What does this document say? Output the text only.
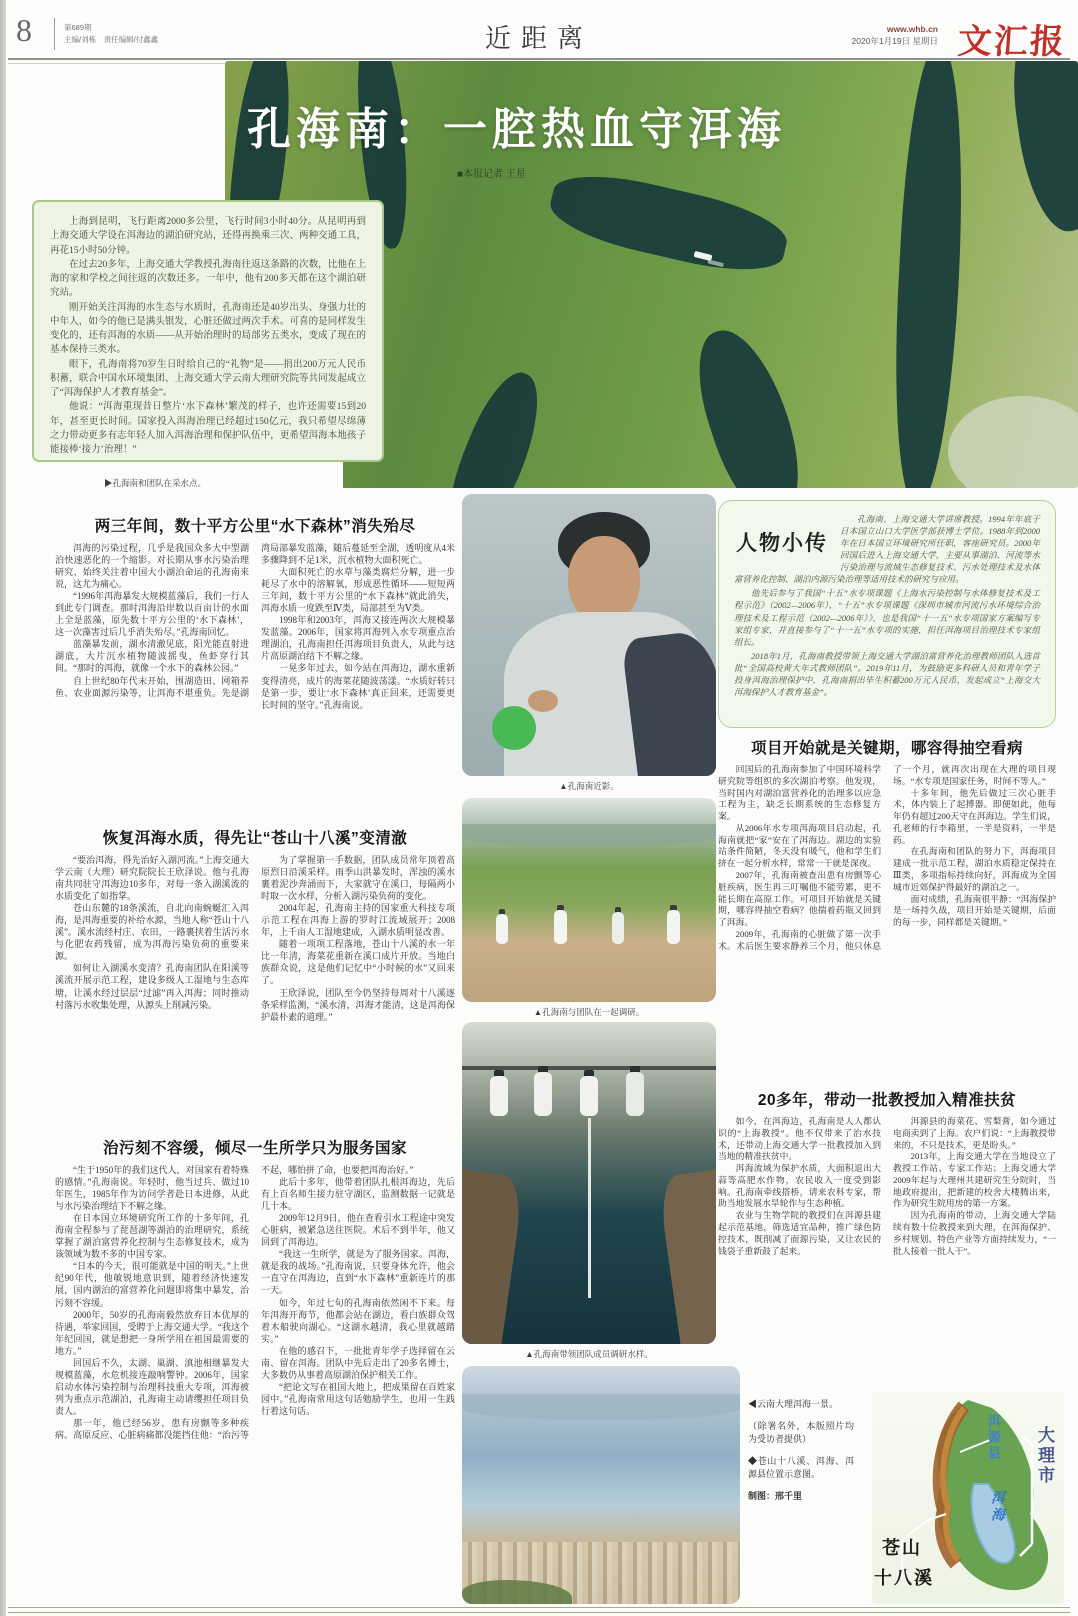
8	第689期
主编/刘栋　责任编辑/付鑫鑫	近距离	www.whb.cn
2020年1月19日 星期日 文汇报
孔海南：一腔热血守洱海
■本报记者 王星

上海到昆明，飞行距离2000多公里，飞行时间3小时40分。从昆明再到上海交通大学设在洱海边的湖泊研究站，还得再换乘三次、两种交通工具，再花15小时50分钟。

在过去20多年，上海交通大学教授孔海南往返这条路的次数，比他在上海的家和学校之间往返的次数还多。一年中，他有200多天都在这个湖泊研究站。

刚开始关注洱海的水生态与水质时，孔海南还是40岁出头、身强力壮的中年人，如今的他已是满头银发，心脏还做过两次手术。可喜的是同样发生变化的，还有洱海的水质——从开始治理时的局部劣五类水，变成了现在的基本保持三类水。

眼下，孔海南将70岁生日时给自己的“礼物”是——捐出200万元人民币积蓄，联合中国水环境集团、上海交通大学云南大理研究院等共同发起成立了“洱海保护人才教育基金”。

他说：“洱海重现昔日整片‘水下森林’繁茂的样子，也许还需要15到20年，甚至更长时间。国家投入洱海治理已经超过150亿元，我只希望尽绵薄之力带动更多有志年轻人加入洱海治理和保护队伍中，更希望洱海本地孩子能接棒‘接力’治理！”

▶孔海南和团队在采水点。
两三年间，数十平方公里“水下森林”消失殆尽

洱海的污染过程，几乎是我国众多大中型湖泊快速恶化的一个缩影。对长期从事水污染治理研究、始终关注着中国大小湖泊命运的孔海南来说，这尤为痛心。

“1996年洱海暴发大规模蓝藻后，我们一行人到此专门调查。那时洱海沿岸数以百亩计的水面上全是蓝藻，原先数十平方公里的‘水下森林’，这一次藻害过后几乎消失殆尽。”孔海南回忆。

蓝藻暴发前，湖水清澈见底，阳光能直射进湖底，大片沉水植物随波摇曳，鱼虾穿行其间。“那时的洱海，就像一个水下的森林公园。”

自上世纪80年代末开始，围湖造田、网箱养鱼、农业面源污染等，让洱海不堪重负。先是湖湾局部暴发蓝藻，随后蔓延至全湖，透明度从4米多骤降到不足1米，沉水植物大面积死亡。

大面积死亡的水草与藻类腐烂分解，进一步耗尽了水中的溶解氧，形成恶性循环——短短两三年间，数十平方公里的“水下森林”就此消失，洱海水质一度跌至Ⅳ类，局部甚至为Ⅴ类。

1998年和2003年，洱海又接连两次大规模暴发蓝藻。2006年，国家将洱海列入水专项重点治理湖泊，孔海南担任洱海项目负责人，从此与这片高原湖泊结下不解之缘。

一晃多年过去，如今站在洱海边，湖水重新变得清亮，成片的海菜花随波荡漾。“水质好转只是第一步，要让‘水下森林’真正回来，还需要更长时间的坚守。”孔海南说。

恢复洱海水质，得先让“苍山十八溪”变清澈

“要治洱海，得先治好入湖河流。”上海交通大学云南（大理）研究院院长王欣泽说。他与孔海南共同驻守洱海边10多年，对每一条入湖溪流的水质变化了如指掌。

苍山东麓的18条溪流，自北向南蜿蜒汇入洱海，是洱海重要的补给水源，当地人称“苍山十八溪”。溪水流经村庄、农田，一路裹挟着生活污水与化肥农药残留，成为洱海污染负荷的重要来源。

如何让入湖溪水变清？孔海南团队在阳溪等溪流开展示范工程，建设多级人工湿地与生态库塘，让溪水经过层层“过滤”再入洱海；同时推动村落污水收集处理，从源头上削减污染。

为了掌握第一手数据，团队成员常年顶着高原烈日沿溪采样。雨季山洪暴发时，浑浊的溪水裹着泥沙奔涌而下，大家就守在溪口，每隔两小时取一次水样，分析入湖污染负荷的变化。

2004年起，孔海南主持的国家重大科技专项示范工程在洱海上游的罗时江流域展开；2008年，上千亩人工湿地建成，入湖水质明显改善。

随着一项项工程落地，苍山十八溪的水一年比一年清，海菜花重新在溪口成片开放。当地白族群众说，这是他们记忆中“小时候的水”又回来了。

王欣泽说，团队至今仍坚持每周对十八溪逐条采样监测，“溪水清，洱海才能清，这是洱海保护最朴素的道理。”

治污刻不容缓，倾尽一生所学只为服务国家

“生于1950年的我们这代人，对国家有着特殊的感情。”孔海南说。年轻时，他当过兵、做过10年医生，1985年作为访问学者赴日本进修，从此与水污染治理结下不解之缘。

在日本国立环境研究所工作的十多年间，孔海南全程参与了琵琶湖等湖泊的治理研究，系统掌握了湖泊富营养化控制与生态修复技术，成为该领域为数不多的中国专家。

“日本的今天，很可能就是中国的明天。”上世纪90年代，他敏锐地意识到，随着经济快速发展，国内湖泊的富营养化问题即将集中暴发，治污刻不容缓。

2000年，50岁的孔海南毅然放弃日本优厚的待遇，举家回国，受聘于上海交通大学。“我这个年纪回国，就是想把一身所学用在祖国最需要的地方。”

回国后不久，太湖、巢湖、滇池相继暴发大规模蓝藻，水危机接连敲响警钟。2006年，国家启动水体污染控制与治理科技重大专项，洱海被列为重点示范湖泊，孔海南主动请缨担任项目负责人。

那一年，他已经56岁，患有房颤等多种疾病。高原反应、心脏病痛都没能挡住他：“治污等不起，哪怕拼了命，也要把洱海治好。”

此后十多年，他带着团队扎根洱海边，先后有上百名师生接力驻守湖区，监测数据一记就是几十本。

2009年12月9日，他在查看引水工程途中突发心脏病，被紧急送往医院。术后不到半年，他又回到了洱海边。

“我这一生所学，就是为了服务国家。洱海，就是我的战场。”孔海南说，只要身体允许，他会一直守在洱海边，直到“水下森林”重新连片的那一天。

如今，年过七旬的孔海南依然闲不下来。每年洱海开海节，他都会站在湖边，看白族群众驾着木船驶向湖心。“这湖水越清，我心里就越踏实。”

在他的感召下，一批批青年学子选择留在云南、留在洱海。团队中先后走出了20多名博士，大多数仍从事着高原湖泊保护相关工作。

“把论文写在祖国大地上，把成果留在百姓家园中。”孔海南常用这句话勉励学生，也用一生践行着这句话。

▲孔海南近影。
▲孔海南与团队在一起调研。
▲孔海南带领团队成员调研水样。
人物小传

孔海南，上海交通大学讲席教授。1994年年底于日本国立山口大学医学部获博士学位。1988年到2000年在日本国立环境研究所任职，客座研究员。2000年回国后进入上海交通大学，主要从事湖泊、河流等水污染治理与流域生态修复技术、污水处理技术及水体富营养化控制、湖泊内源污染治理等适用技术的研究与应用。

他先后参与了我国“十五”水专项课题《上海水污染控制与水体修复技术及工程示范》（2002—2006年）、“十五”水专项课题《深圳市城市河流污水环境综合治理技术及工程示范（2002—2006年）》，也是我国“十一五”水专项国家方案编写专家组专家，并直接参与了“十一五”水专项的实施，担任洱海项目治理技术专家组组长。

2018年1月，孔海南教授带领上海交通大学湖泊富营养化治理教师团队入选首批“全国高校黄大年式教师团队”。2019年11月，为鼓励更多科研人员和青年学子投身洱海治理保护中，孔海南捐出毕生积蓄200万元人民币，发起成立“上海交大洱海保护人才教育基金”。

项目开始就是关键期，哪容得抽空看病

回国后的孔海南参加了中国环境科学研究院等组织的多次湖泊考察。他发现，当时国内对湖泊富营养化的治理多以应急工程为主，缺乏长期系统的生态修复方案。

从2006年水专项洱海项目启动起，孔海南就把“家”安在了洱海边。湖边的实验站条件简陋，冬天没有暖气，他和学生们挤在一起分析水样，常常一干就是深夜。

2007年，孔海南被查出患有房颤等心脏疾病，医生再三叮嘱他不能劳累，更不能长期在高原工作。可项目开始就是关键期，哪容得抽空看病？他揣着药瓶又回到了洱海。

2009年，孔海南的心脏做了第一次手术。术后医生要求静养三个月，他只休息了一个月，就再次出现在大理的项目现场。“水专项是国家任务，时间不等人。”

十多年间，他先后做过三次心脏手术，体内装上了起搏器。即便如此，他每年仍有超过200天守在洱海边。学生们说，孔老师的行李箱里，一半是资料，一半是药。

在孔海南和团队的努力下，洱海项目建成一批示范工程，湖泊水质稳定保持在Ⅲ类，多项指标持续向好，洱海成为全国城市近郊保护得最好的湖泊之一。

面对成绩，孔海南很平静：“洱海保护是一场持久战，项目开始是关键期，后面的每一步，同样都是关键期。”

20多年，带动一批教授加入精准扶贫

如今，在洱海边，孔海南是人人都认识的“上海教授”。他不仅带来了治水技术，还带动上海交通大学一批教授加入到当地的精准扶贫中。

洱海流域为保护水质，大面积退出大蒜等高肥水作物，农民收入一度受到影响。孔海南牵线搭桥，请来农科专家，帮助当地发展水旱轮作与生态种植。

农业与生物学院的教授们在洱源县建起示范基地，筛选适宜品种，推广绿色防控技术，既削减了面源污染，又让农民的钱袋子重新鼓了起来。

洱源县的海菜花、雪梨膏，如今通过电商卖到了上海。农户们说：“上海教授带来的，不只是技术，更是盼头。”

2013年，上海交通大学在当地设立了教授工作站、专家工作站；上海交通大学2009年起与大理州共建研究生分院时，当地政府提出，把新建的校舍大楼腾出来，作为研究生院用房的第一方案。

因为孔海南的带动，上海交通大学陆续有数十位教授来到大理，在洱海保护、乡村规划、特色产业等方面持续发力，“一批人接着一批人干”。

◀云南大理洱海一景。
（除署名外，本版照片均为受访者提供）
◆苍山十八溪、洱海、洱源县位置示意图。
制图：邢千里
洱源县 大理市
洱海
苍山
十八溪
